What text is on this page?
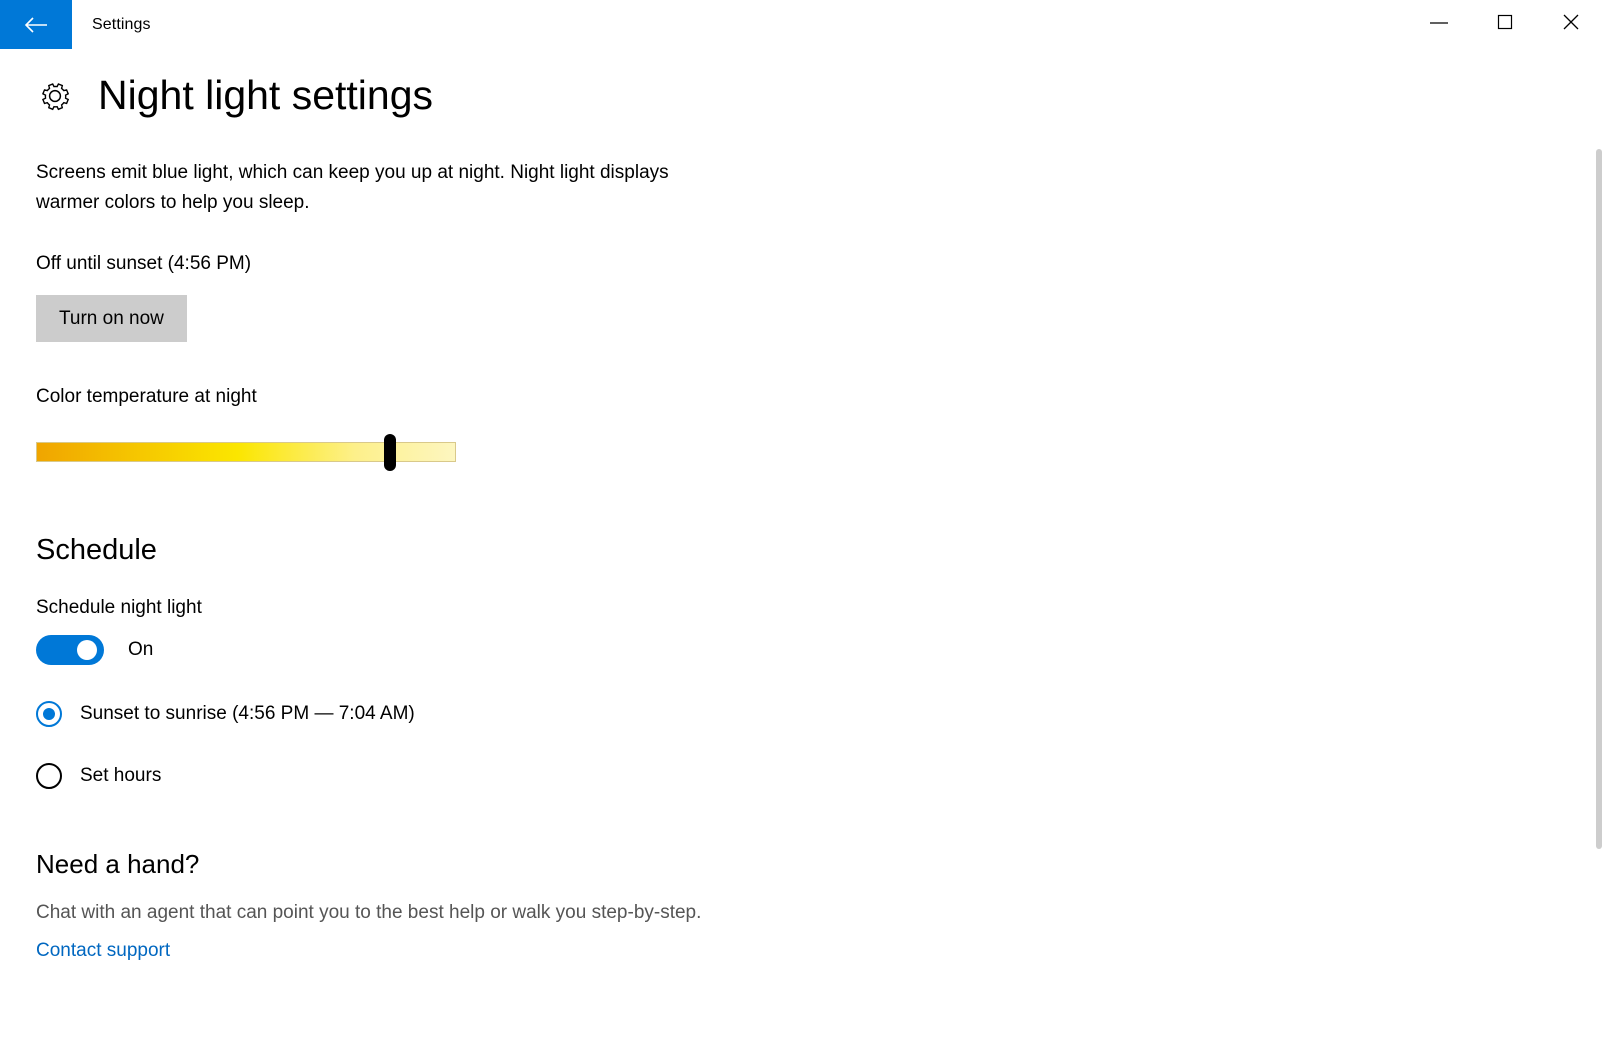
Settings
Night light settings
Screens emit blue light, which can keep you up at night. Night light displays warmer colors to help you sleep.
Off until sunset (4:56 PM)
Turn on now
Color temperature at night
Schedule
Schedule night light
On
Sunset to sunrise (4:56 PM — 7:04 AM)
Set hours
Need a hand?
Chat with an agent that can point you to the best help or walk you step-by-step.
Contact support
